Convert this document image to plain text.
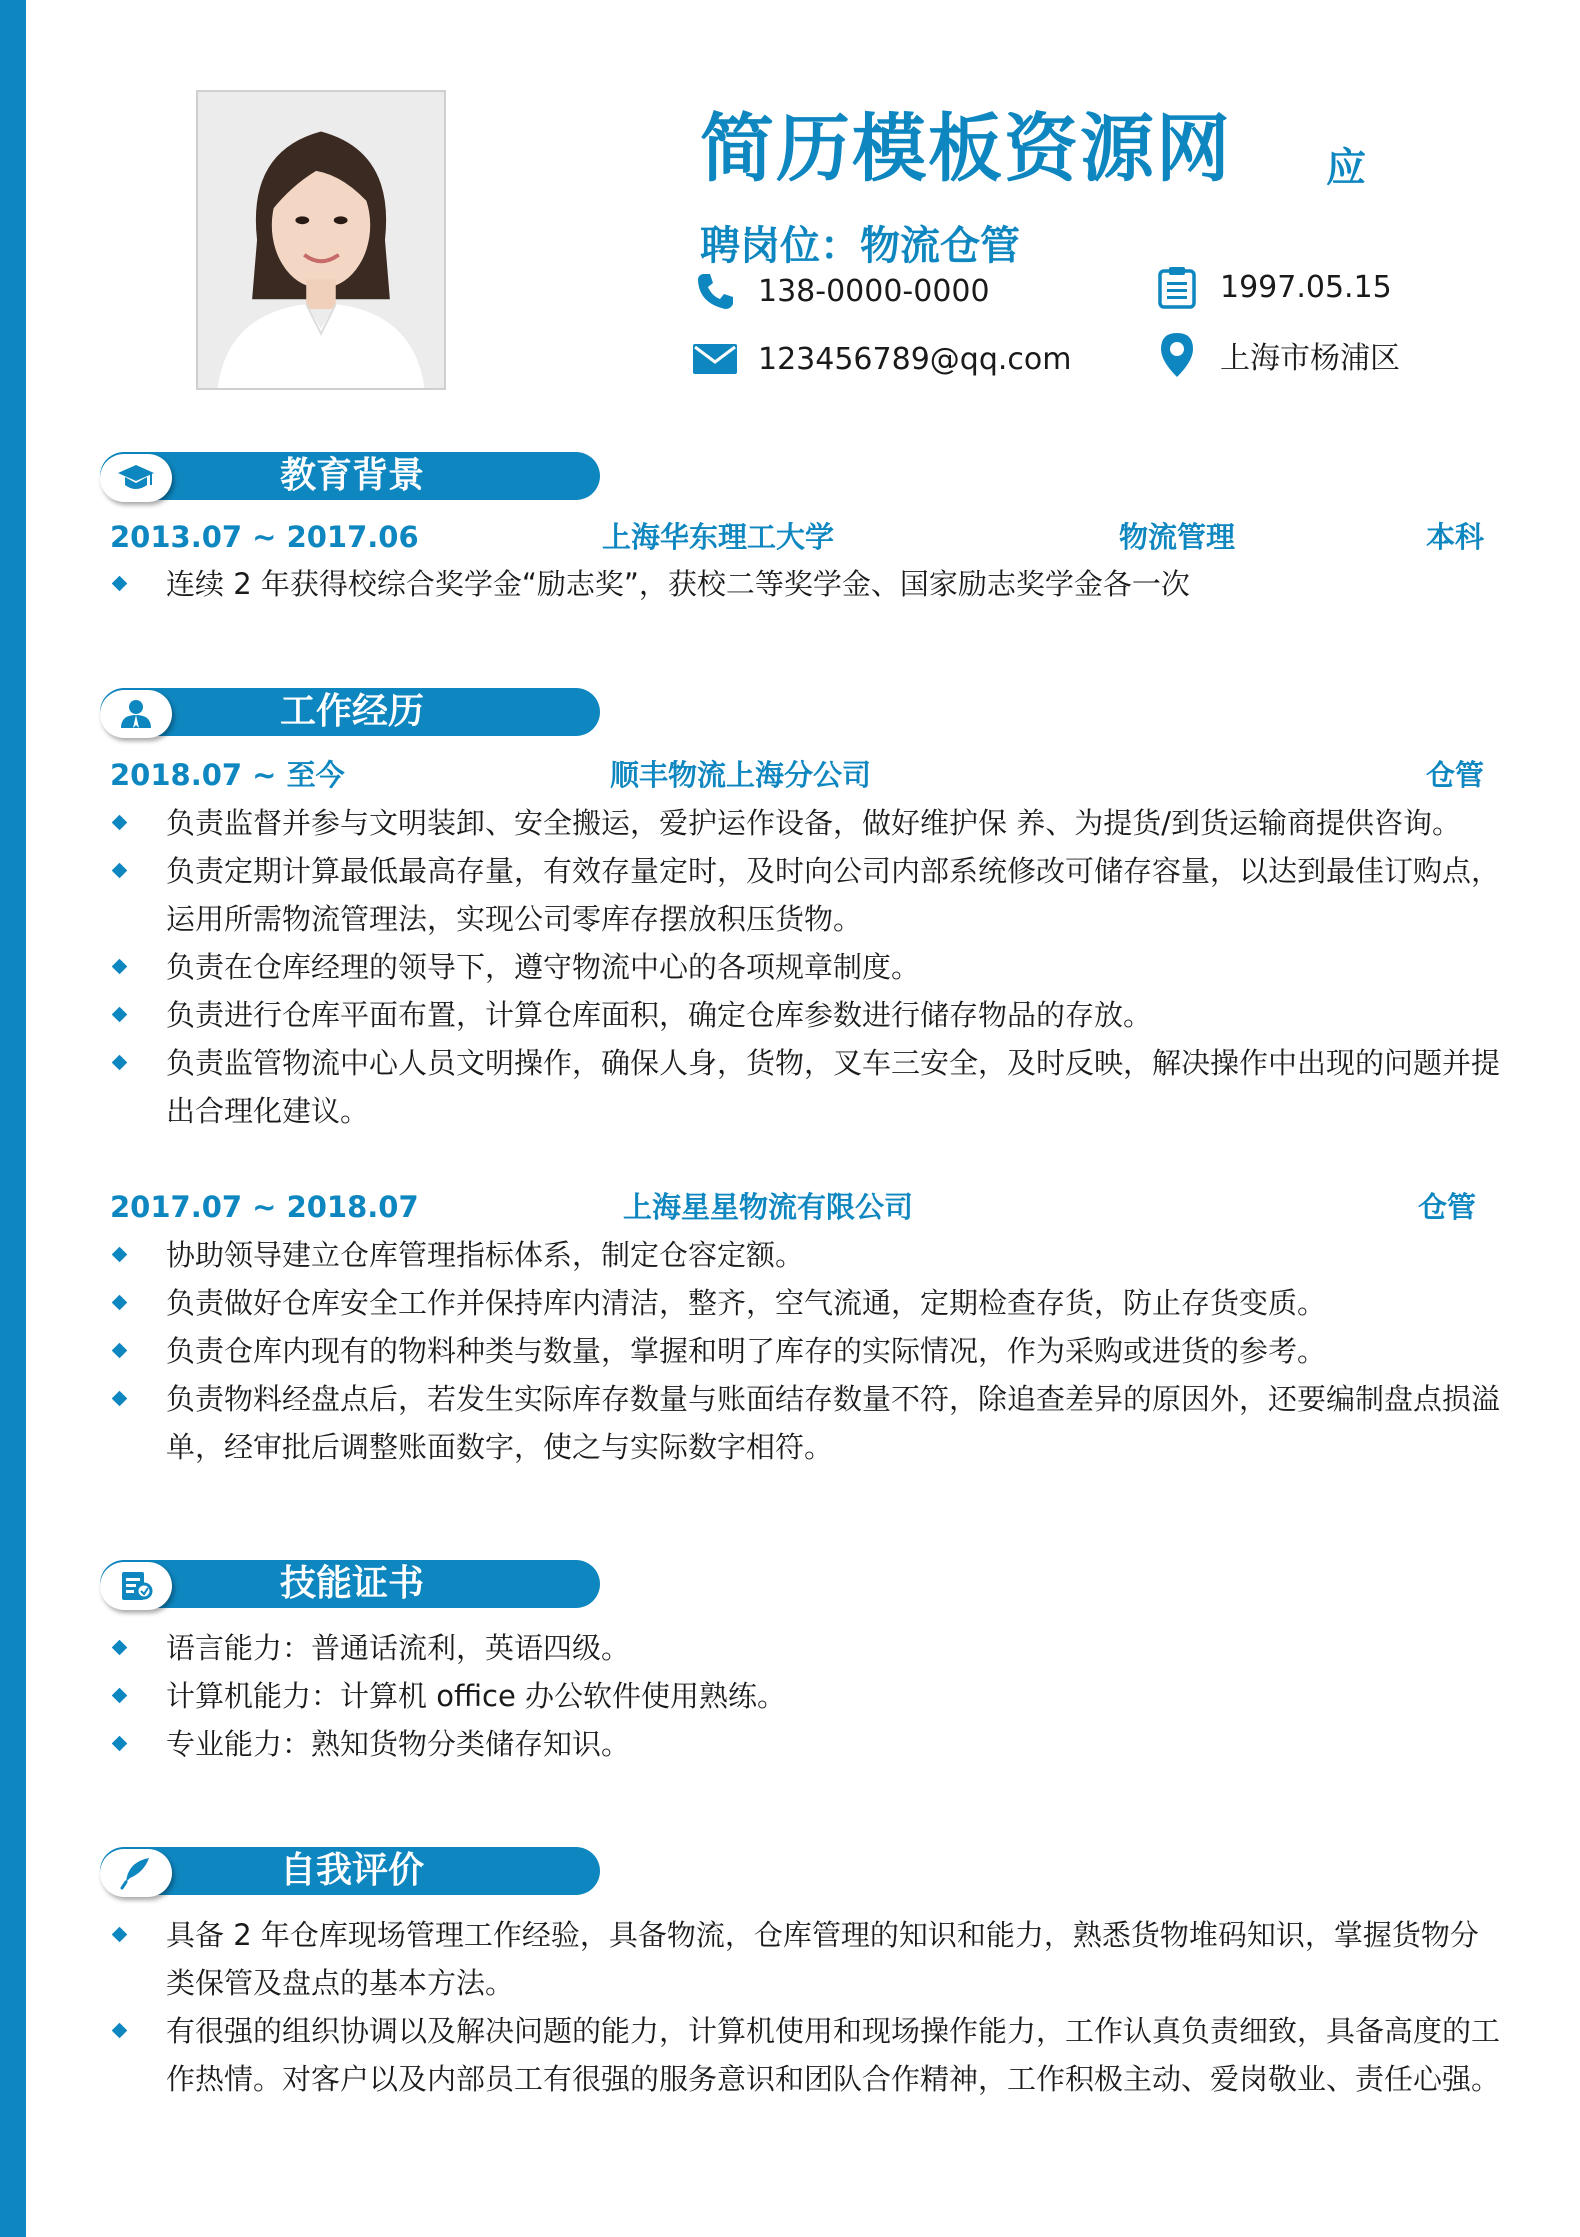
简历模板资源网 应
聘岗位：物流仓管
138-0000-0000
123456789@qq.com
1997.05.15
上海市杨浦区
教育背景
2013.07 ~ 2017.06	上海华东理工大学	物流管理	本科
连续 2 年获得校综合奖学金“励志奖”，获校二等奖学金、国家励志奖学金各一次
工作经历
2018.07 ~ 至今	顺丰物流上海分公司	仓管
负责监督并参与文明装卸、安全搬运，爱护运作设备，做好维护保 养、为提货/到货运输商提供咨询。
负责定期计算最低最高存量，有效存量定时，及时向公司内部系统修改可储存容量，以达到最佳订购点，运用所需物流管理法，实现公司零库存摆放积压货物。
负责在仓库经理的领导下，遵守物流中心的各项规章制度。
负责进行仓库平面布置，计算仓库面积，确定仓库参数进行储存物品的存放。
负责监管物流中心人员文明操作，确保人身，货物，叉车三安全，及时反映，解决操作中出现的问题并提出合理化建议。
2017.07 ~ 2018.07	上海星星物流有限公司	仓管
协助领导建立仓库管理指标体系，制定仓容定额。
负责做好仓库安全工作并保持库内清洁，整齐，空气流通，定期检查存货，防止存货变质。
负责仓库内现有的物料种类与数量，掌握和明了库存的实际情况，作为采购或进货的参考。
负责物料经盘点后，若发生实际库存数量与账面结存数量不符，除追查差异的原因外，还要编制盘点损溢单，经审批后调整账面数字，使之与实际数字相符。
技能证书
语言能力：普通话流利，英语四级。
计算机能力：计算机 office 办公软件使用熟练。
专业能力：熟知货物分类储存知识。
自我评价
具备 2 年仓库现场管理工作经验，具备物流，仓库管理的知识和能力，熟悉货物堆码知识，掌握货物分类保管及盘点的基本方法。
有很强的组织协调以及解决问题的能力，计算机使用和现场操作能力，工作认真负责细致，具备高度的工作热情。对客户以及内部员工有很强的服务意识和团队合作精神，工作积极主动、爱岗敬业、责任心强。
